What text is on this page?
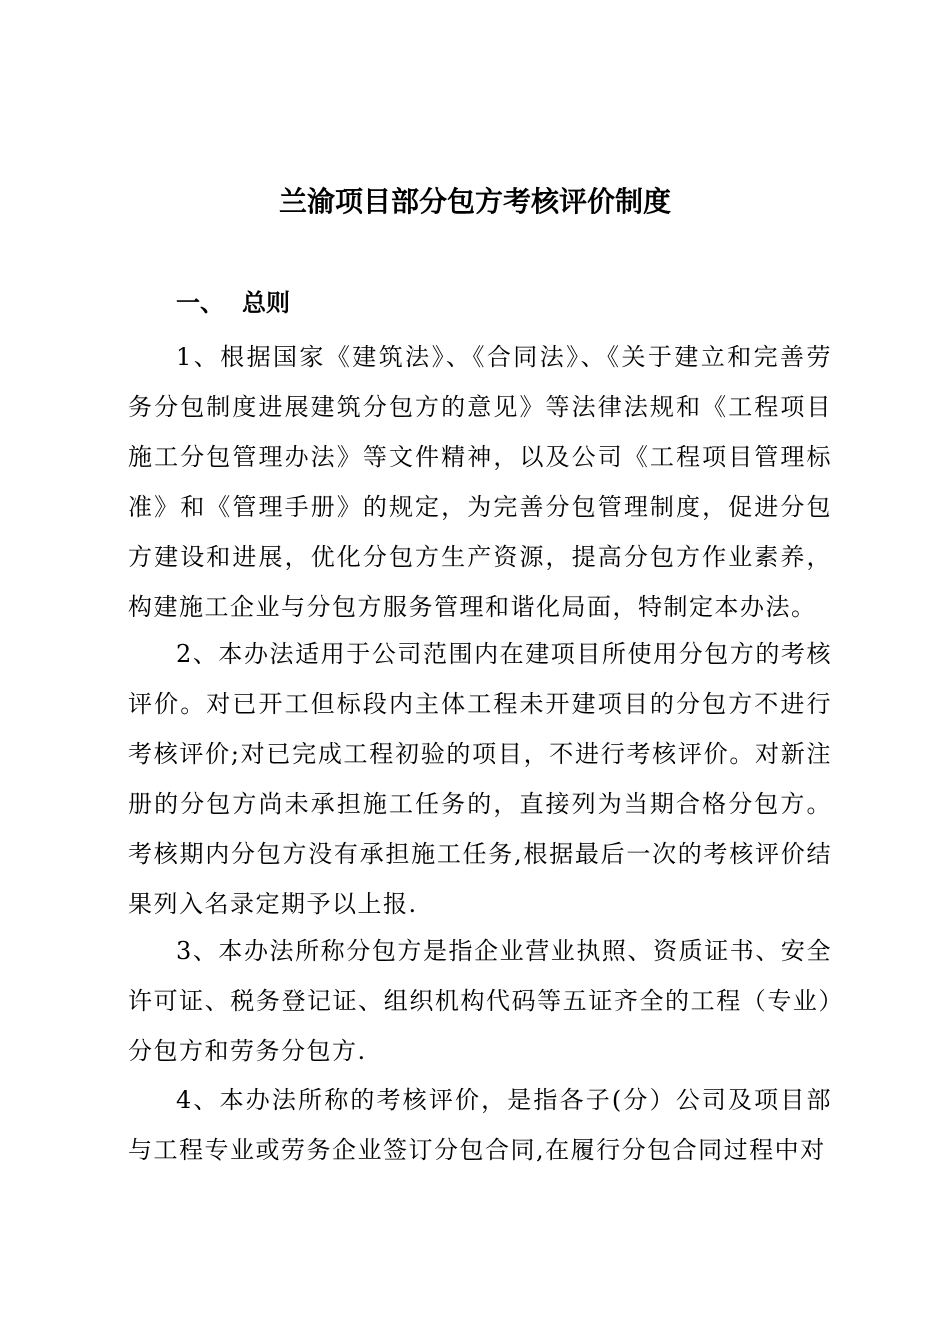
兰渝项目部分包方考核评价制度
一、 总则

1、根据国家《建筑法》、《合同法》、《关于建立和完善劳务分包制度进展建筑分包方的意见》等法律法规和《工程项目施工分包管理办法》等文件精神，以及公司《工程项目管理标准》和《管理手册》的规定，为完善分包管理制度，促进分包方建设和进展，优化分包方生产资源，提高分包方作业素养，构建施工企业与分包方服务管理和谐化局面，特制定本办法。

2、本办法适用于公司范围内在建项目所使用分包方的考核评价。对已开工但标段内主体工程未开建项目的分包方不进行考核评价;对已完成工程初验的项目，不进行考核评价。对新注册的分包方尚未承担施工任务的，直接列为当期合格分包方。考核期内分包方没有承担施工任务,根据最后一次的考核评价结果列入名录定期予以上报.

3、本办法所称分包方是指企业营业执照、资质证书、安全许可证、税务登记证、组织机构代码等五证齐全的工程（专业）分包方和劳务分包方.

4、本办法所称的考核评价，是指各子(分）公司及项目部与工程专业或劳务企业签订分包合同,在履行分包合同过程中对
